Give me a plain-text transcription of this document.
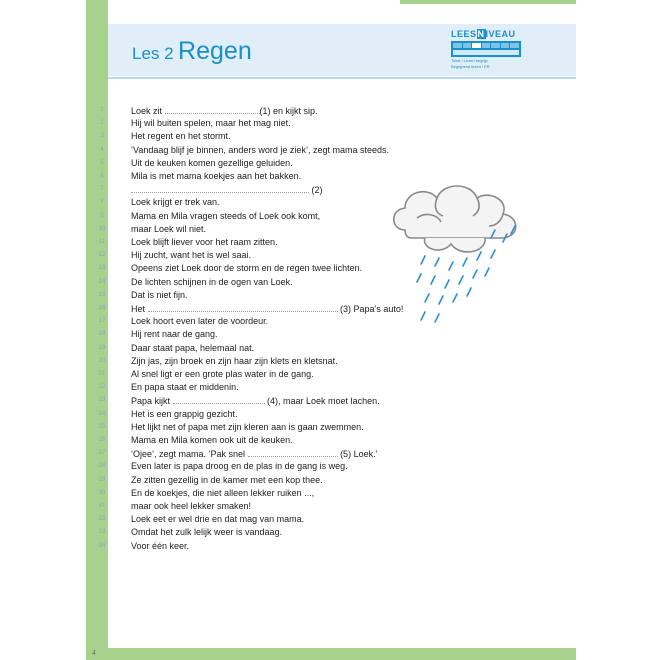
Les 2 Regen
LEESNIVEAU
Tekst / Lezen begrijp
Begrijpend lezen / ER
1	Loek zit	(1) en kijkt sip.
2	Hij wil buiten spelen, maar het mag niet.
3	Het regent en het stormt.
4	‘Vandaag blijf je binnen, anders word je ziek’, zegt mama steeds.
5	Uit de keuken komen gezellige geluiden.
6	Mila is met mama koekjes aan het bakken.
7	(2)
8	Loek krijgt er trek van.
9	Mama en Mila vragen steeds of Loek ook komt,
10	maar Loek wil niet.
11	Loek blijft liever voor het raam zitten.
12	Hij zucht, want het is wel saai.
13	Opeens ziet Loek door de storm en de regen twee lichten.
14	De lichten schijnen in de ogen van Loek.
15	Dat is niet fijn.
16	Het	(3) Papa’s auto!
17	Loek hoort even later de voordeur.
18	Hij rent naar de gang.
19	Daar staat papa, helemaal nat.
20	Zijn jas, zijn broek en zijn haar zijn klets en kletsnat.
21	Al snel ligt er een grote plas water in de gang.
22	En papa staat er middenin.
23	Papa kijkt	(4), maar Loek moet lachen.
24	Het is een grappig gezicht.
25	Het lijkt net of papa met zijn kleren aan is gaan zwemmen.
26	Mama en Mila komen ook uit de keuken.
27	‘Ojee’, zegt mama. ‘Pak snel	(5) Loek.’
28	Even later is papa droog en de plas in de gang is weg.
29	Ze zitten gezellig in de kamer met een kop thee.
30	En de koekjes, die niet alleen lekker ruiken ...,
31	maar ook heel lekker smaken!
32	Loek eet er wel drie en dat mag van mama.
33	Omdat het zulk lelijk weer is vandaag.
34	Voor één keer.
4
